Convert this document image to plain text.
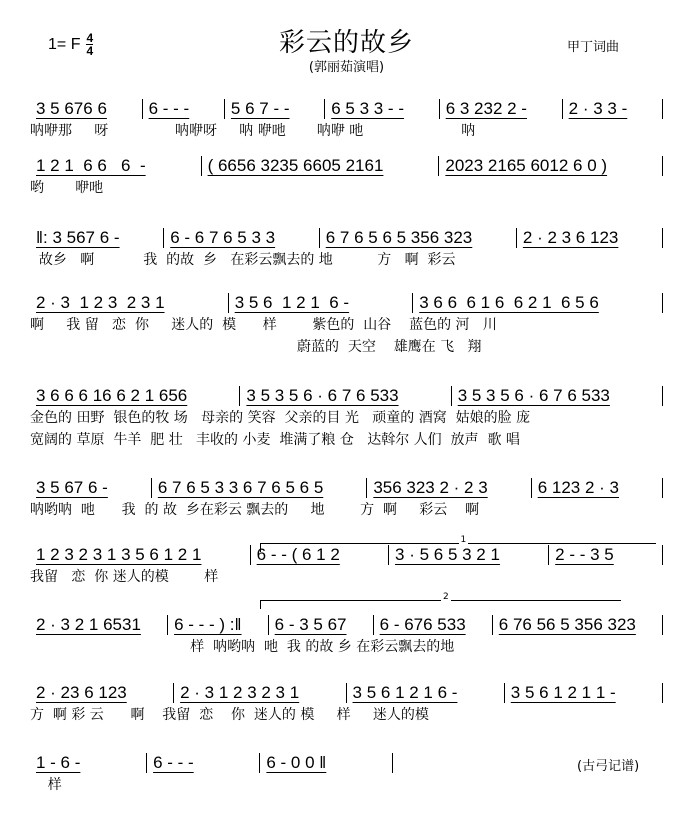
1= F $\frac{4}{4}$	彩云的故乡
(郭丽茹演唱)
甲丁词曲
3 5 676 6	6 - - -	5 6 7 - -	6 5 3 3 - -	6 3 232 2 -	2 · 3 3 -
呐咿那     呀               呐咿呀     呐 咿吔       呐咿 吔                      呐
1 2 1  6 6   6  -	( 6656 3235 6605 2161	2023 2165 6012 6 0 )
哟       咿吔
‖: 3 567 6 -	6 - 6 7 6 5 3 3	6 7 6 5 6 5 356 323	2 · 2 3 6 123
故乡   啊           我  的故  乡   在彩云飘去的 地          方   啊  彩云
2 · 3  1 2 3  2 3 1	3 5 6  1 2 1  6 -	3 6 6  6 1 6  6 2 1  6 5 6
啊     我 留   恋  你     迷人的  模      样        紫色的  山谷    蓝色的 河   川
蔚蓝的  天空    雄鹰在 飞   翔
3 6 6 6 16 6 2 1 656	3 5 3 5 6 · 6 7 6 533	3 5 3 5 6 · 6 7 6 533
金色的 田野  银色的牧 场   母亲的 笑容  父亲的目 光   顽童的 酒窝  姑娘的脸 庞
宽阔的 草原  牛羊  肥 壮   丰收的 小麦  堆满了粮 仓   达斡尔 人们  放声  歌 唱
3 5 67 6 -	6 7 6 5 3 3 6 7 6 5 6 5	356 323 2 · 2 3	6 123 2 · 3
呐哟呐  吔      我  的 故  乡在彩云 飘去的     地        方  啊     彩云    啊
1 2 3 2 3 1 3 5 6 1 2 1	6 - - ( 6 1 2	3 · 5 6 5 3 2 1	2 - - 3 5
我留   恋  你 迷人的模        样
2 · 3 2 1 6531	6 - - - ) :‖	6 - 3 5 67	6 - 676 533	6 76 56 5 356 323
样  呐哟呐  吔  我 的故 乡 在彩云飘去的地
2 · 23 6 123	2 · 3 1 2 3 2 3 1	3 5 6 1 2 1 6 -	3 5 6 1 2 1 1 -
方  啊 彩 云      啊    我留  恋    你  迷人的 模     样     迷人的模
1 - 6 -	6 - - -	6 - 0 0 ‖
样
1
2
(古弓记谱)
